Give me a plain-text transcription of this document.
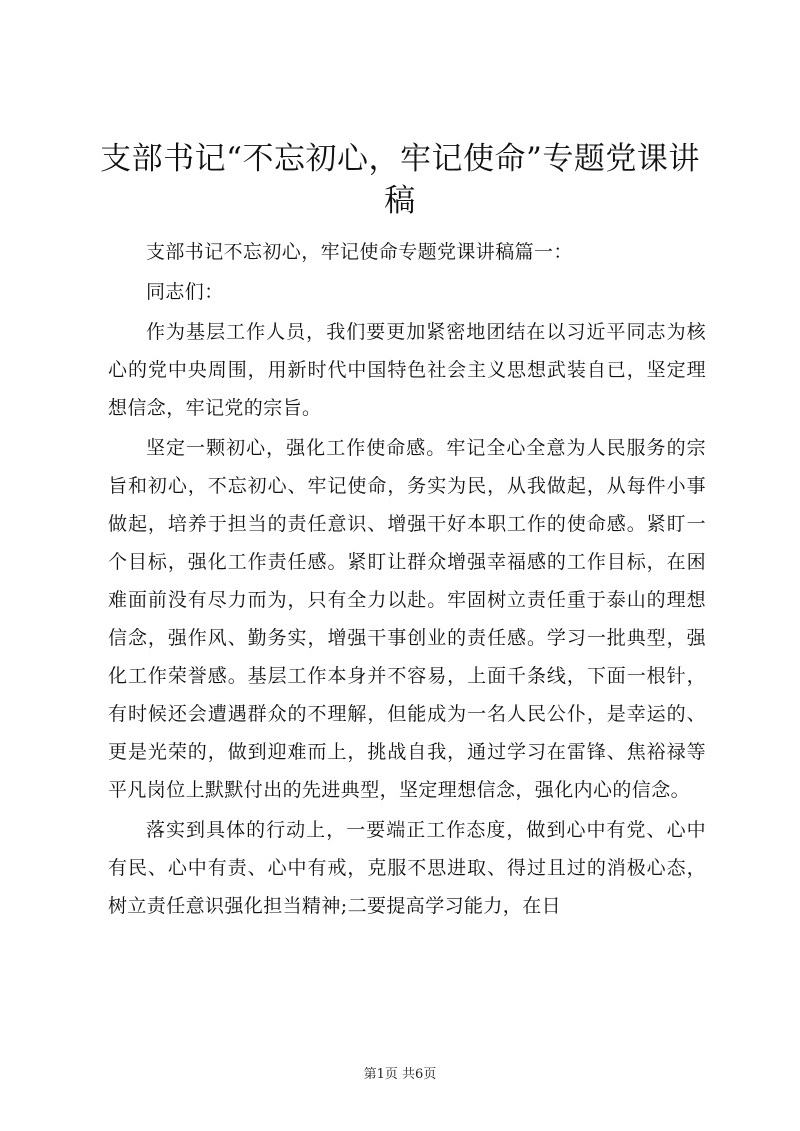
支部书记“不忘初心，牢记使命”专题党课讲稿

支部书记不忘初心，牢记使命专题党课讲稿篇一：

同志们：

作为基层工作人员，我们要更加紧密地团结在以习近平同志为核心的党中央周围，用新时代中国特色社会主义思想武装自已，坚定理想信念，牢记党的宗旨。

坚定一颗初心，强化工作使命感。牢记全心全意为人民服务的宗旨和初心，不忘初心、牢记使命，务实为民，从我做起，从每件小事做起，培养于担当的责任意识、增强干好本职工作的使命感。紧盯一个目标，强化工作责任感。紧盯让群众增强幸福感的工作目标，在困难面前没有尽力而为，只有全力以赴。牢固树立责任重于泰山的理想信念，强作风、勤务实，增强干事创业的责任感。学习一批典型，强化工作荣誉感。基层工作本身并不容易，上面千条线，下面一根针，有时候还会遭遇群众的不理解，但能成为一名人民公仆，是幸运的、更是光荣的，做到迎难而上，挑战自我，通过学习在雷锋、焦裕禄等平凡岗位上默默付出的先进典型，坚定理想信念，强化内心的信念。

落实到具体的行动上，一要端正工作态度，做到心中有党、心中有民、心中有责、心中有戒，克服不思进取、得过且过的消极心态，树立责任意识强化担当精神;二要提高学习能力，在日

第1页 共6页
